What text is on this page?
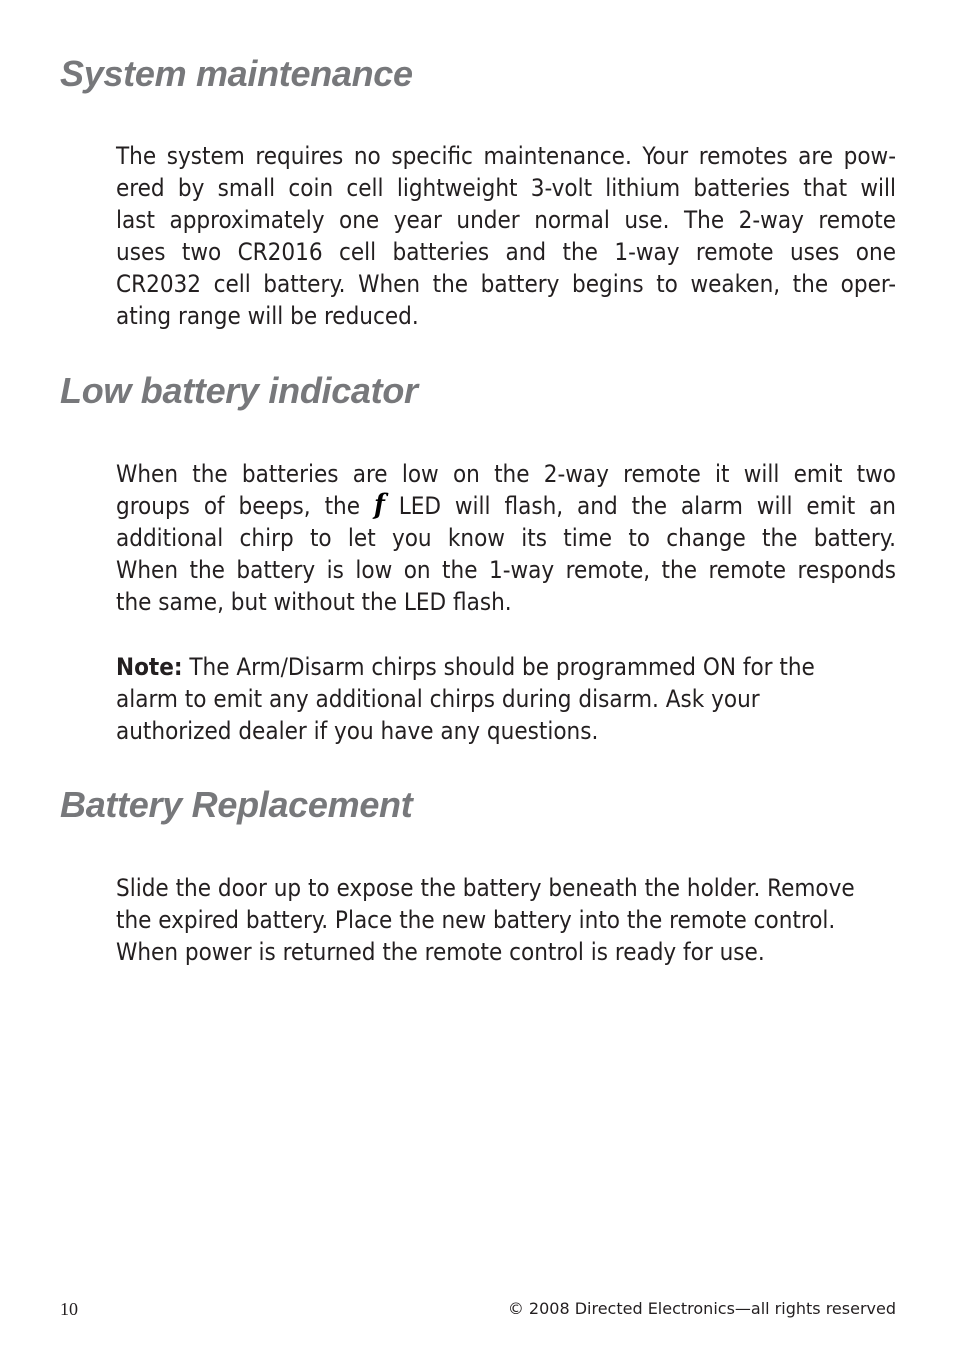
System maintenance
The system requires no specific maintenance. Your remotes are pow-
ered by small coin cell lightweight 3-volt lithium batteries that will
last approximately one year under normal use. The 2-way remote
uses two CR2016 cell batteries and the 1-way remote uses one
CR2032 cell battery. When the battery begins to weaken, the oper-
ating range will be reduced.
Low battery indicator
When the batteries are low on the 2-way remote it will emit two
groups of beeps, the f LED will flash, and the alarm will emit an
additional chirp to let you know its time to change the battery.
When the battery is low on the 1-way remote, the remote responds
the same, but without the LED flash.
Note: The Arm/Disarm chirps should be programmed ON for the
alarm to emit any additional chirps during disarm. Ask your
authorized dealer if you have any questions.
Battery Replacement
Slide the door up to expose the battery beneath the holder. Remove
the expired battery. Place the new battery into the remote control.
When power is returned the remote control is ready for use.
10	© 2008 Directed Electronics—all rights reserved
